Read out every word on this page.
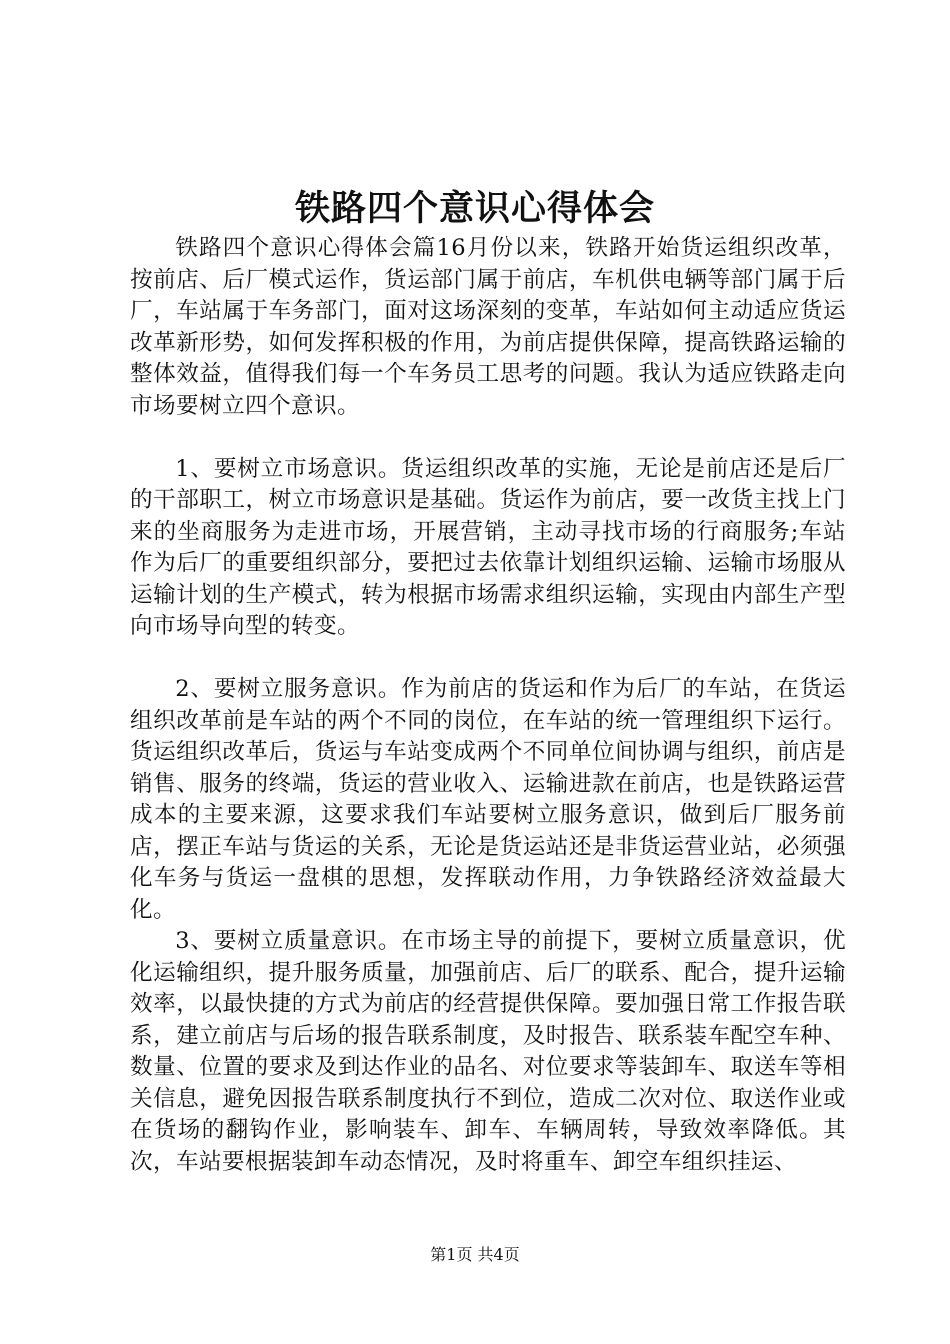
铁路四个意识心得体会

铁路四个意识心得体会篇16月份以来，铁路开始货运组织改革，按前店、后厂模式运作，货运部门属于前店，车机供电辆等部门属于后厂，车站属于车务部门，面对这场深刻的变革，车站如何主动适应货运改革新形势，如何发挥积极的作用，为前店提供保障，提高铁路运输的整体效益，值得我们每一个车务员工思考的问题。我认为适应铁路走向市场要树立四个意识。

1、要树立市场意识。货运组织改革的实施，无论是前店还是后厂的干部职工，树立市场意识是基础。货运作为前店，要一改货主找上门来的坐商服务为走进市场，开展营销，主动寻找市场的行商服务;车站作为后厂的重要组织部分，要把过去依靠计划组织运输、运输市场服从运输计划的生产模式，转为根据市场需求组织运输，实现由内部生产型向市场导向型的转变。

2、要树立服务意识。作为前店的货运和作为后厂的车站，在货运组织改革前是车站的两个不同的岗位，在车站的统一管理组织下运行。货运组织改革后，货运与车站变成两个不同单位间协调与组织，前店是销售、服务的终端，货运的营业收入、运输进款在前店，也是铁路运营成本的主要来源，这要求我们车站要树立服务意识，做到后厂服务前店，摆正车站与货运的关系，无论是货运站还是非货运营业站，必须强化车务与货运一盘棋的思想，发挥联动作用，力争铁路经济效益最大化。

3、要树立质量意识。在市场主导的前提下，要树立质量意识，优化运输组织，提升服务质量，加强前店、后厂的联系、配合，提升运输效率，以最快捷的方式为前店的经营提供保障。要加强日常工作报告联系，建立前店与后场的报告联系制度，及时报告、联系装车配空车种、数量、位置的要求及到达作业的品名、对位要求等装卸车、取送车等相关信息，避免因报告联系制度执行不到位，造成二次对位、取送作业或在货场的翻钩作业，影响装车、卸车、车辆周转，导致效率降低。其次，车站要根据装卸车动态情况，及时将重车、卸空车组织挂运、

第1页 共4页
